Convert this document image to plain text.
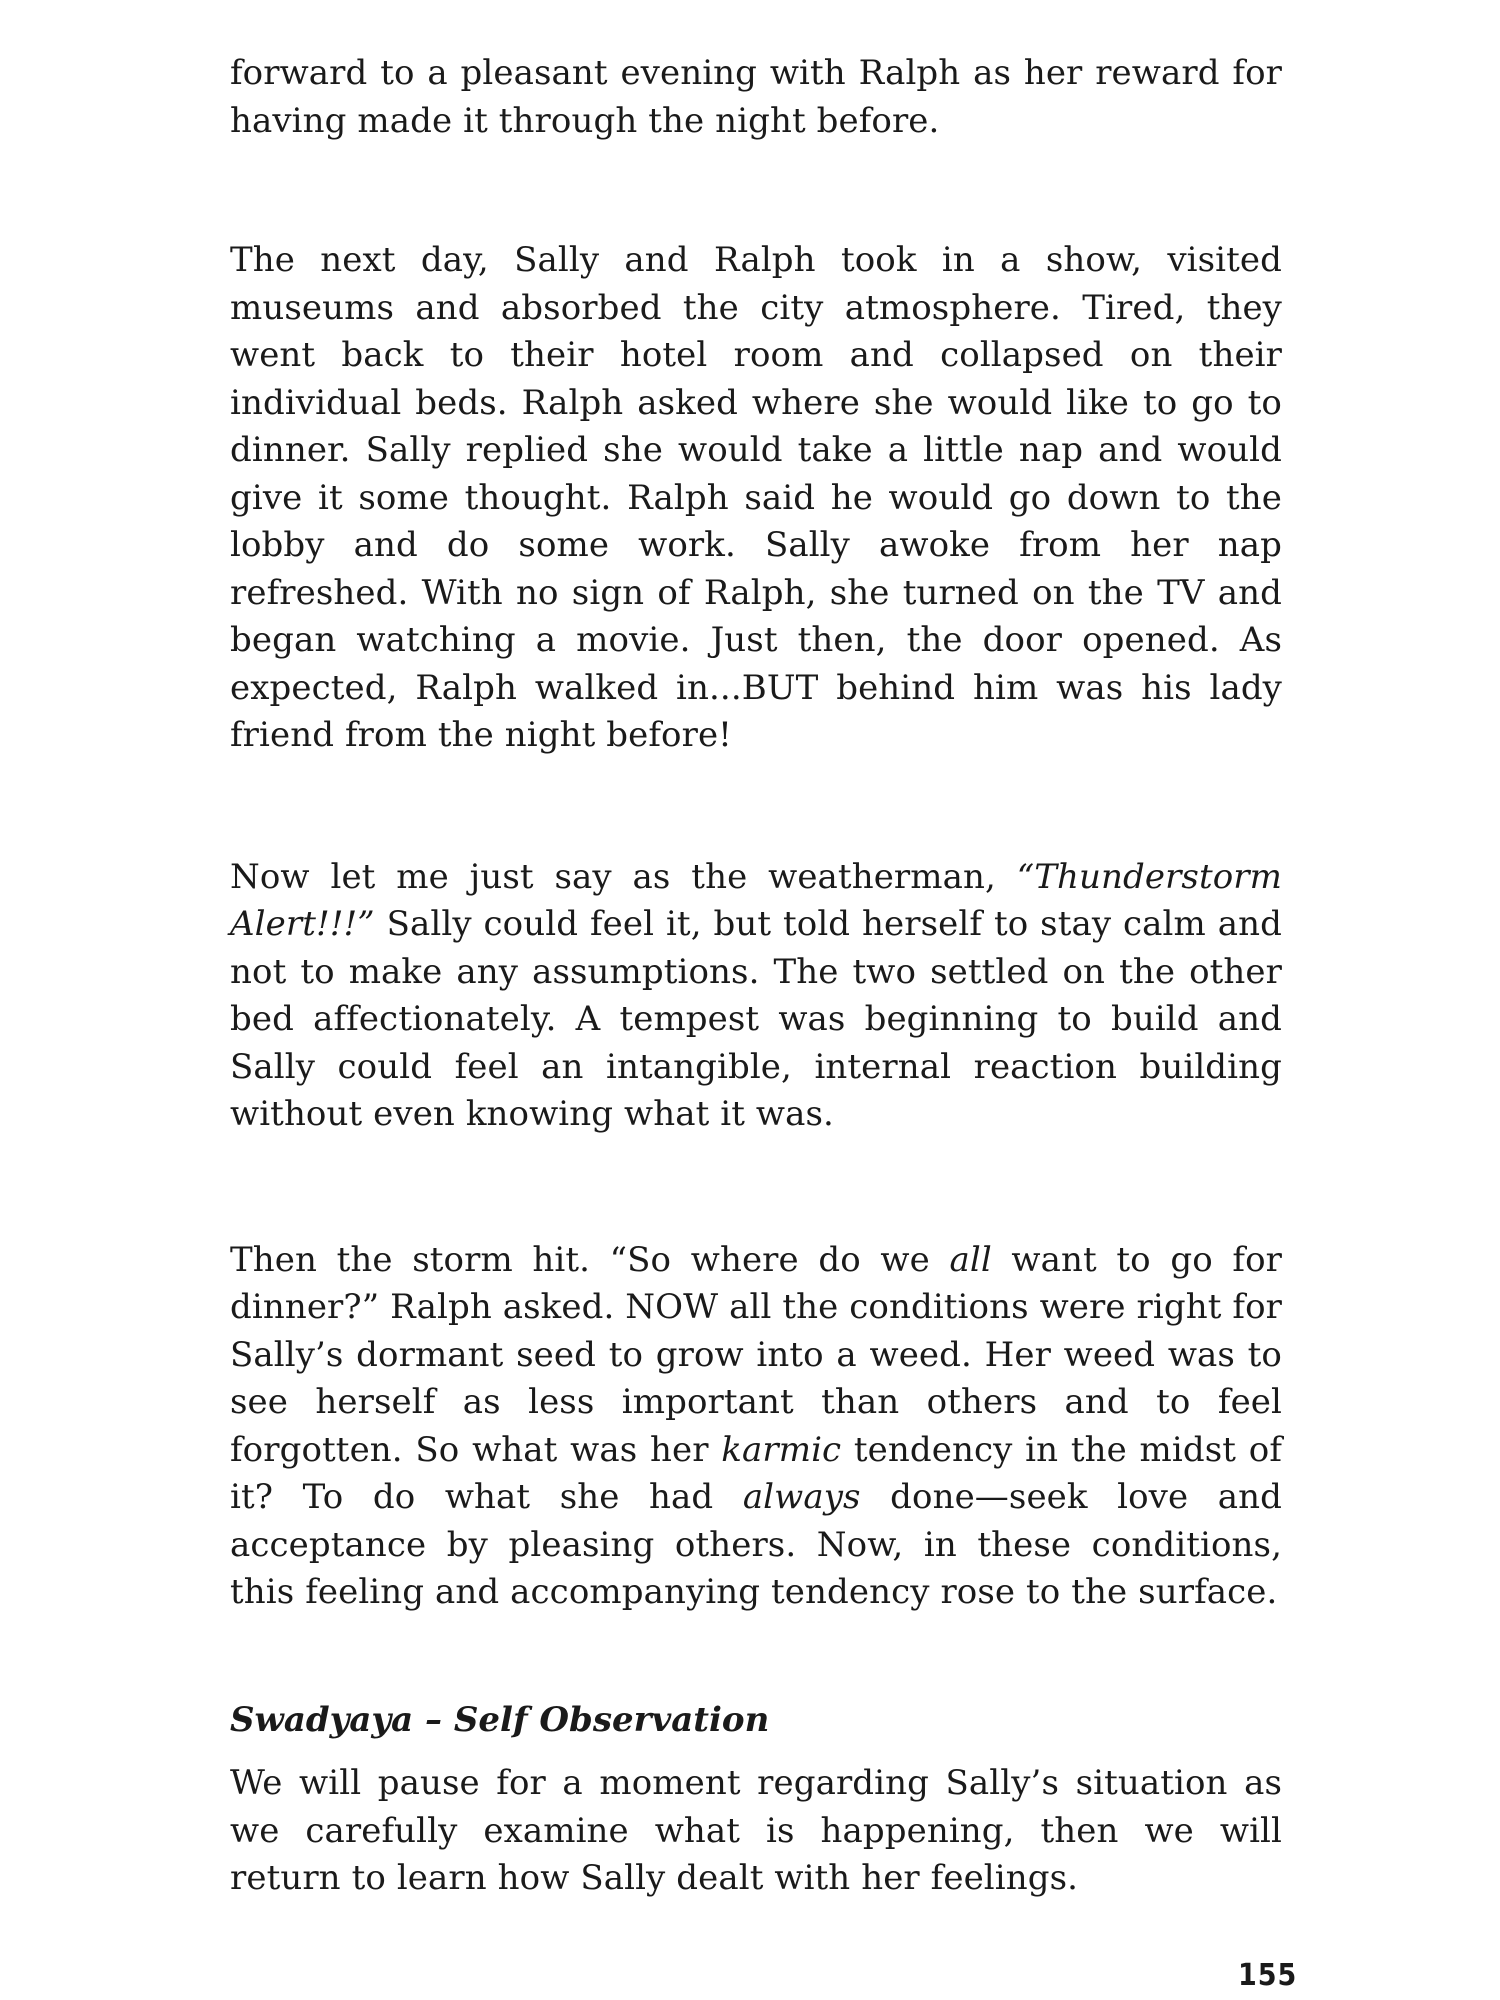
forward to a pleasant evening with Ralph as her reward for having made it through the night before.

The next day, Sally and Ralph took in a show, visited museums and absorbed the city atmosphere. Tired, they went back to their hotel room and collapsed on their individual beds. Ralph asked where she would like to go to dinner. Sally replied she would take a little nap and would give it some thought. Ralph said he would go down to the lobby and do some work. Sally awoke from her nap refreshed. With no sign of Ralph, she turned on the TV and began watching a movie. Just then, the door opened. As expected, Ralph walked in...BUT behind him was his lady friend from the night before!

Now let me just say as the weatherman, “Thunderstorm Alert!!!” Sally could feel it, but told herself to stay calm and not to make any assumptions. The two settled on the other bed affectionately. A tempest was beginning to build and Sally could feel an intangible, internal reaction building without even knowing what it was.

Then the storm hit. “So where do we all want to go for dinner?” Ralph asked. NOW all the conditions were right for Sally’s dormant seed to grow into a weed. Her weed was to see herself as less important than others and to feel forgotten. So what was her karmic tendency in the midst of it? To do what she had always done—seek love and acceptance by pleasing others. Now, in these conditions, this feeling and accompanying tendency rose to the surface.

Swadyaya – Self Observation

We will pause for a moment regarding Sally’s situation as we carefully examine what is happening, then we will return to learn how Sally dealt with her feelings.

155
